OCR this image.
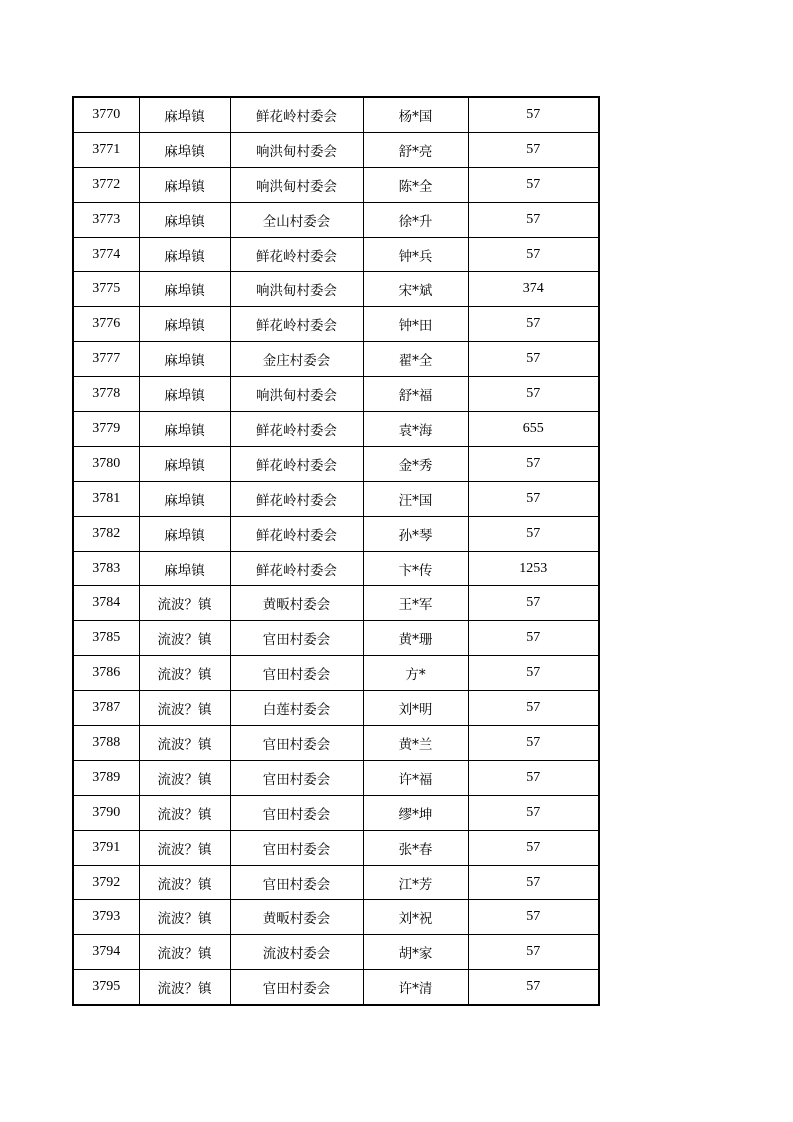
3770	麻埠镇	鲜花岭村委会	杨*国	57
3771	麻埠镇	响洪甸村委会	舒*亮	57
3772	麻埠镇	响洪甸村委会	陈*全	57
3773	麻埠镇	全山村委会	徐*升	57
3774	麻埠镇	鲜花岭村委会	钟*兵	57
3775	麻埠镇	响洪甸村委会	宋*斌	374
3776	麻埠镇	鲜花岭村委会	钟*田	57
3777	麻埠镇	金庄村委会	翟*全	57
3778	麻埠镇	响洪甸村委会	舒*福	57
3779	麻埠镇	鲜花岭村委会	袁*海	655
3780	麻埠镇	鲜花岭村委会	金*秀	57
3781	麻埠镇	鲜花岭村委会	汪*国	57
3782	麻埠镇	鲜花岭村委会	孙*琴	57
3783	麻埠镇	鲜花岭村委会	卞*传	1253
3784	流波？镇	黄畈村委会	王*军	57
3785	流波？镇	官田村委会	黄*珊	57
3786	流波？镇	官田村委会	方*	57
3787	流波？镇	白莲村委会	刘*明	57
3788	流波？镇	官田村委会	黄*兰	57
3789	流波？镇	官田村委会	许*福	57
3790	流波？镇	官田村委会	缪*坤	57
3791	流波？镇	官田村委会	张*春	57
3792	流波？镇	官田村委会	江*芳	57
3793	流波？镇	黄畈村委会	刘*祝	57
3794	流波？镇	流波村委会	胡*家	57
3795	流波？镇	官田村委会	许*清	57
